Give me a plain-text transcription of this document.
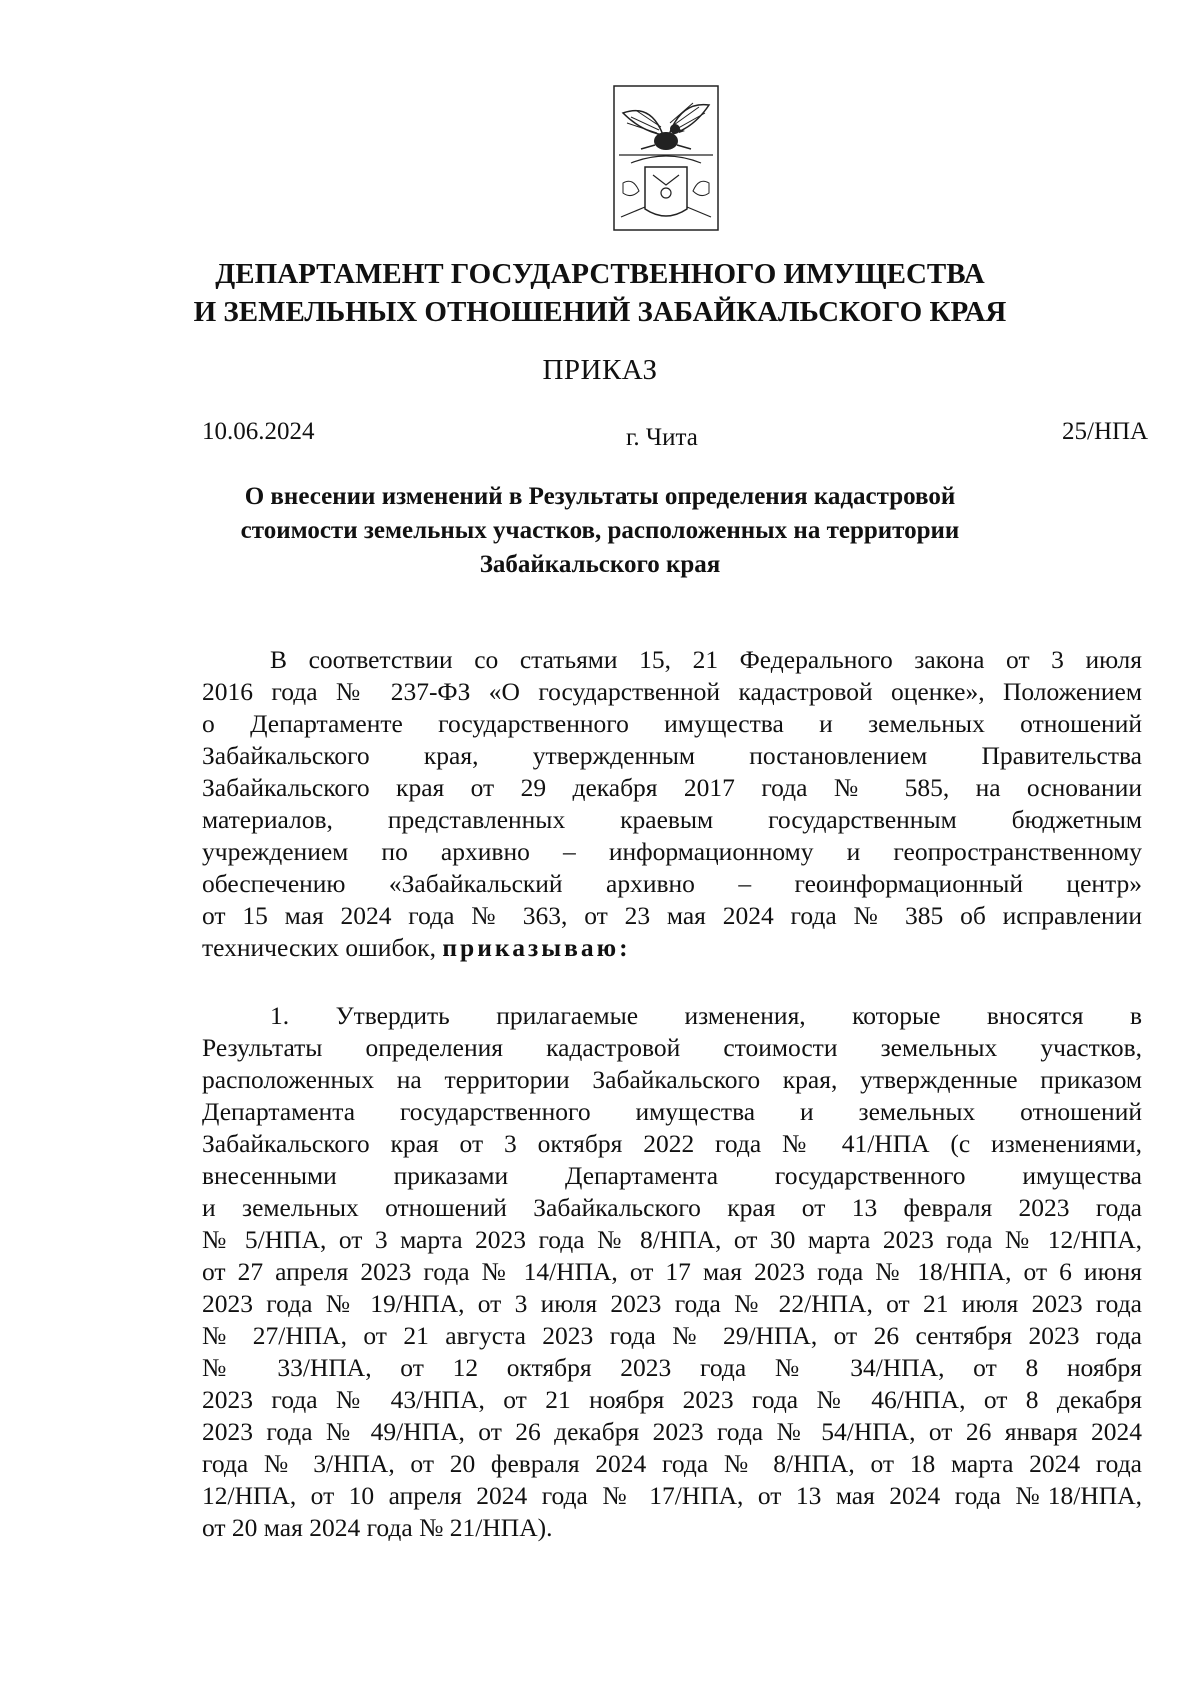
ДЕПАРТАМЕНТ ГОСУДАРСТВЕННОГО ИМУЩЕСТВА
И ЗЕМЕЛЬНЫХ ОТНОШЕНИЙ ЗАБАЙКАЛЬСКОГО КРАЯ
ПРИКАЗ
10.06.2024	г. Чита	25/НПА
О внесении изменений в Результаты определения кадастровой
стоимости земельных участков, расположенных на территории
Забайкальского края
В соответствии со статьями 15, 21 Федерального закона от 3 июля
2016 года № 237-ФЗ «О государственной кадастровой оценке», Положением
о Департаменте государственного имущества и земельных отношений
Забайкальского края, утвержденным постановлением Правительства
Забайкальского края от 29 декабря 2017 года № 585, на основании
материалов, представленных краевым государственным бюджетным
учреждением по архивно – информационному и геопространственному
обеспечению «Забайкальский архивно – геоинформационный центр»
от 15 мая 2024 года № 363, от 23 мая 2024 года № 385 об исправлении
технических ошибок, приказываю:
1. Утвердить прилагаемые изменения, которые вносятся в
Результаты определения кадастровой стоимости земельных участков,
расположенных на территории Забайкальского края, утвержденные приказом
Департамента государственного имущества и земельных отношений
Забайкальского края от 3 октября 2022 года № 41/НПА (с изменениями,
внесенными приказами Департамента государственного имущества
и земельных отношений Забайкальского края от 13 февраля 2023 года
№ 5/НПА, от 3 марта 2023 года № 8/НПА, от 30 марта 2023 года № 12/НПА,
от 27 апреля 2023 года № 14/НПА, от 17 мая 2023 года № 18/НПА, от 6 июня
2023 года № 19/НПА, от 3 июля 2023 года № 22/НПА, от 21 июля 2023 года
№ 27/НПА, от 21 августа 2023 года № 29/НПА, от 26 сентября 2023 года
№ 33/НПА, от 12 октября 2023 года № 34/НПА, от 8 ноября
2023 года № 43/НПА, от 21 ноября 2023 года № 46/НПА, от 8 декабря
2023 года № 49/НПА, от 26 декабря 2023 года № 54/НПА, от 26 января 2024
года № 3/НПА, от 20 февраля 2024 года № 8/НПА, от 18 марта 2024 года
12/НПА, от 10 апреля 2024 года № 17/НПА, от 13 мая 2024 года №18/НПА,
от 20 мая 2024 года № 21/НПА).
